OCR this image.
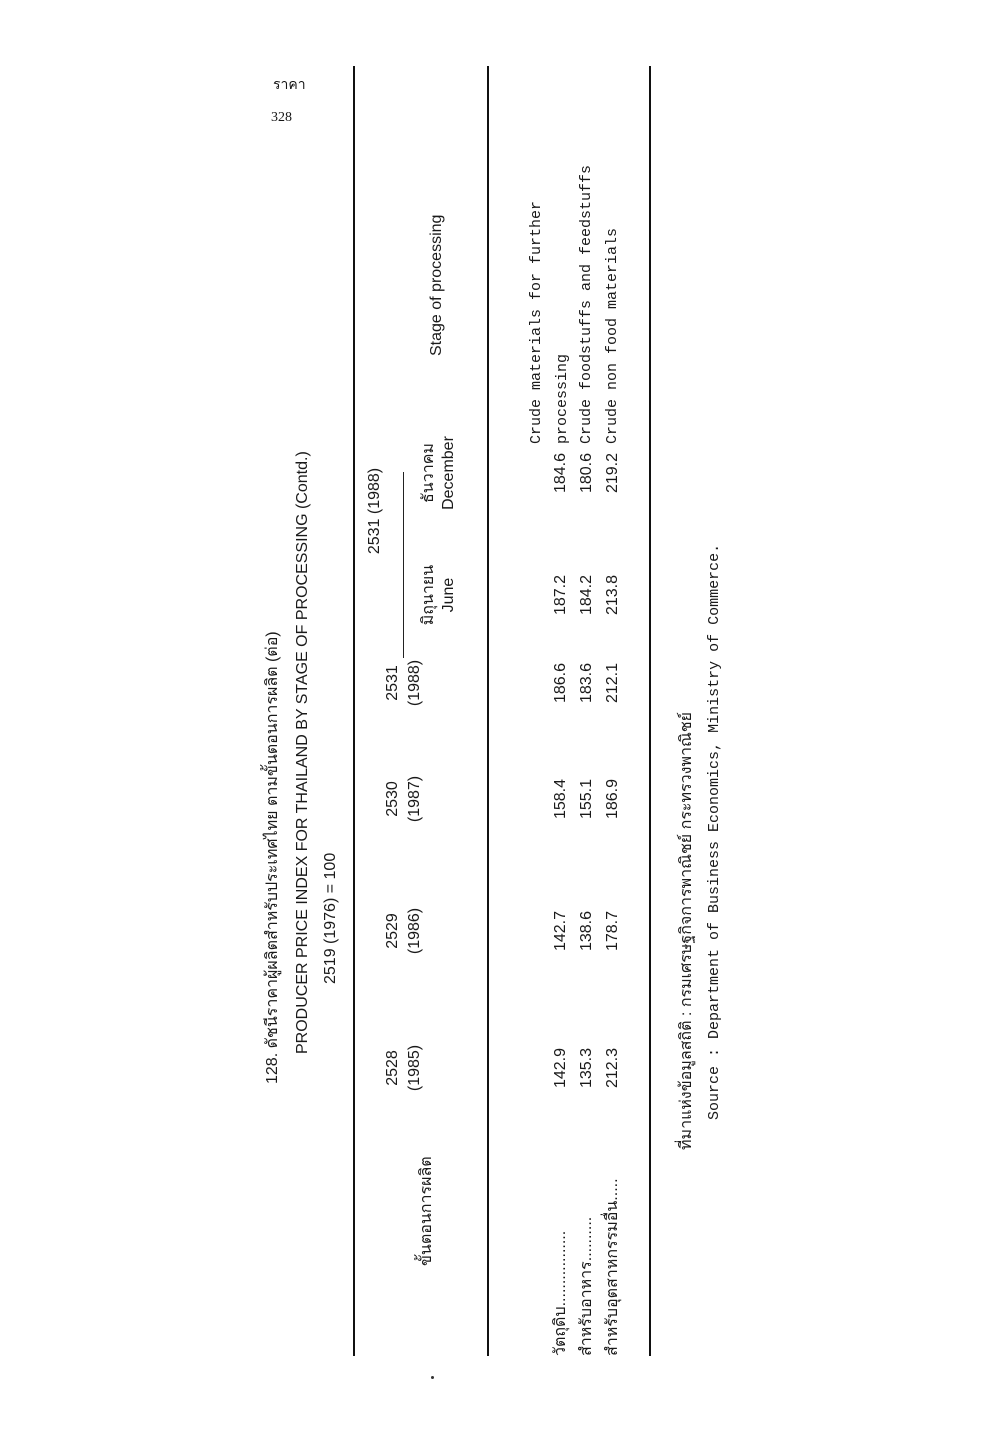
ราคา
328
128. ดัชนีราคาผู้ผลิตสำหรับประเทศไทย ตามขั้นตอนการผลิต (ต่อ) PRODUCER PRICE INDEX FOR THAILAND BY STAGE OF PROCESSING (Contd.) 2519 (1976) = 100
ขั้นตอนการผลิต
2528 (1985)
2529 (1986)
2530 (1987)
2531 (1988)
2531 (1988)
มิถุนายน June
ธันวาคม December
Stage of processing
วัตถุดิบ.................
142.9
142.7
158.4
186.6
187.2
184.6
Crude materials for further processing
สำหรับอาหาร..........
135.3
138.6
155.1
183.6
184.2
180.6
Crude foodstuffs and feedstuffs
สำหรับอุตสาหกรรมอื่น.....
212.3
178.7
186.9
212.1
213.8
219.2
Crude non food materials
ที่มาแห่งข้อมูลสถิติ : กรมเศรษฐกิจการพาณิชย์ กระทรวงพาณิชย์ Source : Department of Business Economics, Ministry of Commerce.
